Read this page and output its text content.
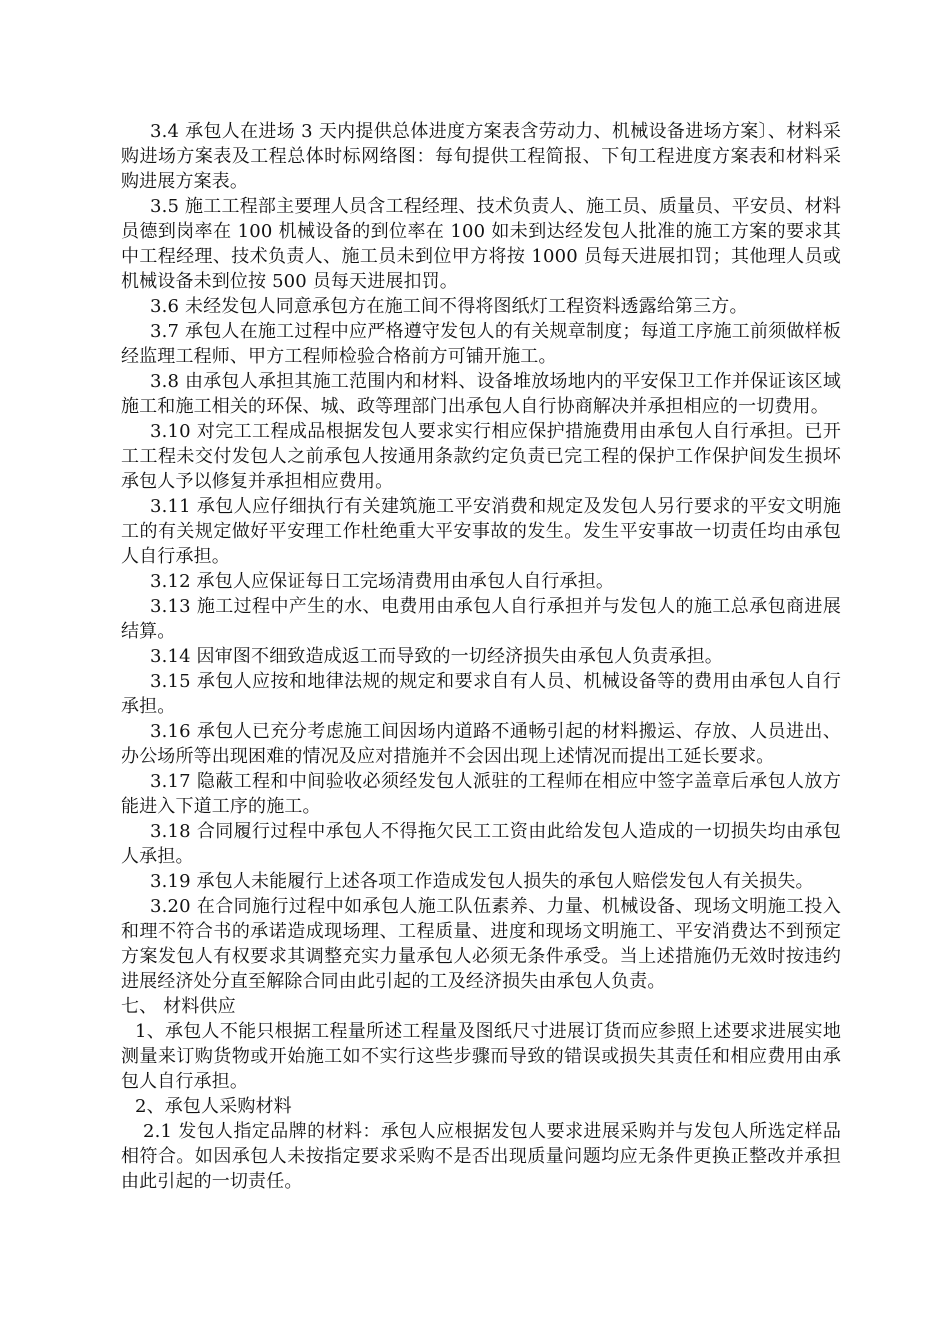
3.4 承包人在进场 3 天内提供总体进度方案表含劳动力、机械设备进场方案〕、材料采购进场方案表及工程总体时标网络图：每旬提供工程简报、下旬工程进度方案表和材料采购进展方案表。

3.5 施工工程部主要理人员含工程经理、技术负责人、施工员、质量员、平安员、材料员德到岗率在 100 机械设备的到位率在 100 如未到达经发包人批准的施工方案的要求其中工程经理、技术负责人、施工员未到位甲方将按 1000 员每天进展扣罚；其他理人员或机械设备未到位按 500 员每天进展扣罚。

3.6 未经发包人同意承包方在施工间不得将图纸灯工程资料透露给第三方。

3.7 承包人在施工过程中应严格遵守发包人的有关规章制度；每道工序施工前须做样板经监理工程师、甲方工程师检验合格前方可铺开施工。

3.8 由承包人承担其施工范围内和材料、设备堆放场地内的平安保卫工作并保证该区域施工和施工相关的环保、城、政等理部门出承包人自行协商解决并承担相应的一切费用。

3.10 对完工工程成品根据发包人要求实行相应保护措施费用由承包人自行承担。已开工工程未交付发包人之前承包人按通用条款约定负责已完工程的保护工作保护间发生损坏承包人予以修复并承担相应费用。

3.11 承包人应仔细执行有关建筑施工平安消费和规定及发包人另行要求的平安文明施工的有关规定做好平安理工作杜绝重大平安事故的发生。发生平安事故一切责任均由承包人自行承担。

3.12 承包人应保证每日工完场清费用由承包人自行承担。

3.13 施工过程中产生的水、电费用由承包人自行承担并与发包人的施工总承包商进展结算。

3.14 因审图不细致造成返工而导致的一切经济损失由承包人负责承担。

3.15 承包人应按和地律法规的规定和要求自有人员、机械设备等的费用由承包人自行承担。

3.16 承包人已充分考虑施工间因场内道路不通畅引起的材料搬运、存放、人员进出、办公场所等出现困难的情况及应对措施并不会因出现上述情况而提出工延长要求。

3.17 隐蔽工程和中间验收必须经发包人派驻的工程师在相应中签字盖章后承包人放方能进入下道工序的施工。

3.18 合同履行过程中承包人不得拖欠民工工资由此给发包人造成的一切损失均由承包人承担。

3.19 承包人未能履行上述各项工作造成发包人损失的承包人赔偿发包人有关损失。

3.20 在合同施行过程中如承包人施工队伍素养、力量、机械设备、现场文明施工投入和理不符合书的承诺造成现场理、工程质量、进度和现场文明施工、平安消费达不到预定方案发包人有权要求其调整充实力量承包人必须无条件承受。当上述措施仍无效时按违约进展经济处分直至解除合同由此引起的工及经济损失由承包人负责。

七、 材料供应

1、承包人不能只根据工程量所述工程量及图纸尺寸进展订货而应参照上述要求进展实地测量来订购货物或开始施工如不实行这些步骤而导致的错误或损失其责任和相应费用由承包人自行承担。

2、承包人采购材料

2.1 发包人指定品牌的材料：承包人应根据发包人要求进展采购并与发包人所选定样品相符合。如因承包人未按指定要求采购不是否出现质量问题均应无条件更换正整改并承担由此引起的一切责任。
